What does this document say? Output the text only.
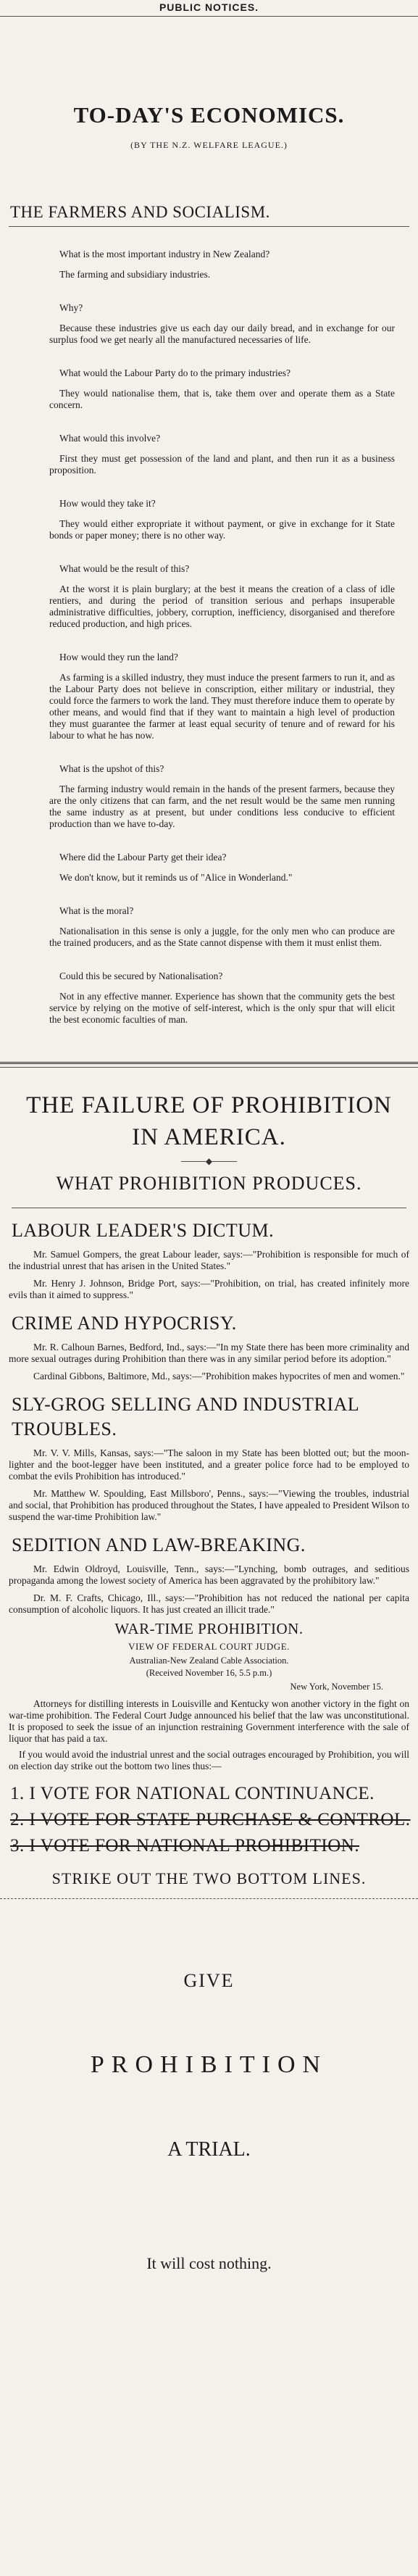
PUBLIC NOTICES.
TO-DAY'S ECONOMICS.
(BY THE N.Z. WELFARE LEAGUE.)
THE FARMERS AND SOCIALISM.
What is the most important industry in New Zealand?
The farming and subsidiary industries.
Why?
Because these industries give us each day our daily bread, and in exchange for our surplus food we get nearly all the manufactured necessaries of life.
What would the Labour Party do to the primary industries?
They would nationalise them, that is, take them over and operate them as a State concern.
What would this involve?
First they must get possession of the land and plant, and then run it as a business proposition.
How would they take it?
They would either expropriate it without payment, or give in exchange for it State bonds or paper money; there is no other way.
What would be the result of this?
At the worst it is plain burglary; at the best it means the creation of a class of idle rentiers, and during the period of transition serious and perhaps insuperable administrative difficulties, jobbery, corruption, inefficiency, disorganised and therefore reduced production, and high prices.
How would they run the land?
As farming is a skilled industry, they must induce the present farmers to run it, and as the Labour Party does not believe in conscription, either military or industrial, they could force the farmers to work the land. They must therefore induce them to operate by other means, and would find that if they want to maintain a high level of production they must guarantee the farmer at least equal security of tenure and of reward for his labour to what he has now.
What is the upshot of this?
The farming industry would remain in the hands of the present farmers, because they are the only citizens that can farm, and the net result would be the same men running the same industry as at present, but under conditions less conducive to efficient production than we have to-day.
Where did the Labour Party get their idea?
We don't know, but it reminds us of "Alice in Wonderland."
What is the moral?
Nationalisation in this sense is only a juggle, for the only men who can produce are the trained producers, and as the State cannot dispense with them it must enlist them.
Could this be secured by Nationalisation?
Not in any effective manner. Experience has shown that the community gets the best service by relying on the motive of self-interest, which is the only spur that will elicit the best economic faculties of man.
THE FAILURE OF PROHIBITION
IN AMERICA.
────◆────
WHAT PROHIBITION PRODUCES.
LABOUR LEADER'S DICTUM.
Mr. Samuel Gompers, the great Labour leader, says:—"Prohibition is responsible for much of the industrial unrest that has arisen in the United States."
Mr. Henry J. Johnson, Bridge Port, says:—"Prohibition, on trial, has created infinitely more evils than it aimed to suppress."
CRIME AND HYPOCRISY.
Mr. R. Calhoun Barnes, Bedford, Ind., says:—"In my State there has been more criminality and more sexual outrages during Prohibition than there was in any similar period before its adoption."
Cardinal Gibbons, Baltimore, Md., says:—"Prohibition makes hypocrites of men and women."
SLY-GROG SELLING AND INDUSTRIAL TROUBLES.
Mr. V. V. Mills, Kansas, says:—"The saloon in my State has been blotted out; but the moon-lighter and the boot-legger have been instituted, and a greater police force had to be employed to combat the evils Prohibition has introduced."
Mr. Matthew W. Spoulding, East Millsboro', Penns., says:—"Viewing the troubles, industrial and social, that Prohibition has produced throughout the States, I have appealed to President Wilson to suspend the war-time Prohibition law."
SEDITION AND LAW-BREAKING.
Mr. Edwin Oldroyd, Louisville, Tenn., says:—"Lynching, bomb outrages, and seditious propaganda among the lowest society of America has been aggravated by the prohibitory law."
Dr. M. F. Crafts, Chicago, Ill., says:—"Prohibition has not reduced the national per capita consumption of alcoholic liquors. It has just created an illicit trade."
WAR-TIME PROHIBITION.
VIEW OF FEDERAL COURT JUDGE.
Australian-New Zealand Cable Association.
(Received November 16, 5.5 p.m.)
New York, November 15.
Attorneys for distilling interests in Louisville and Kentucky won another victory in the fight on war-time prohibition. The Federal Court Judge announced his belief that the law was unconstitutional. It is proposed to seek the issue of an injunction restraining Government interference with the sale of liquor that has paid a tax.
If you would avoid the industrial unrest and the social outrages encouraged by Prohibition, you will on election day strike out the bottom two lines thus:—
1. I VOTE FOR NATIONAL CONTINUANCE.
2. I VOTE FOR STATE PURCHASE & CONTROL.
3. I VOTE FOR NATIONAL PROHIBITION.
STRIKE OUT THE TWO BOTTOM LINES.
GIVE
PROHIBITION
A TRIAL.
It will cost nothing.
